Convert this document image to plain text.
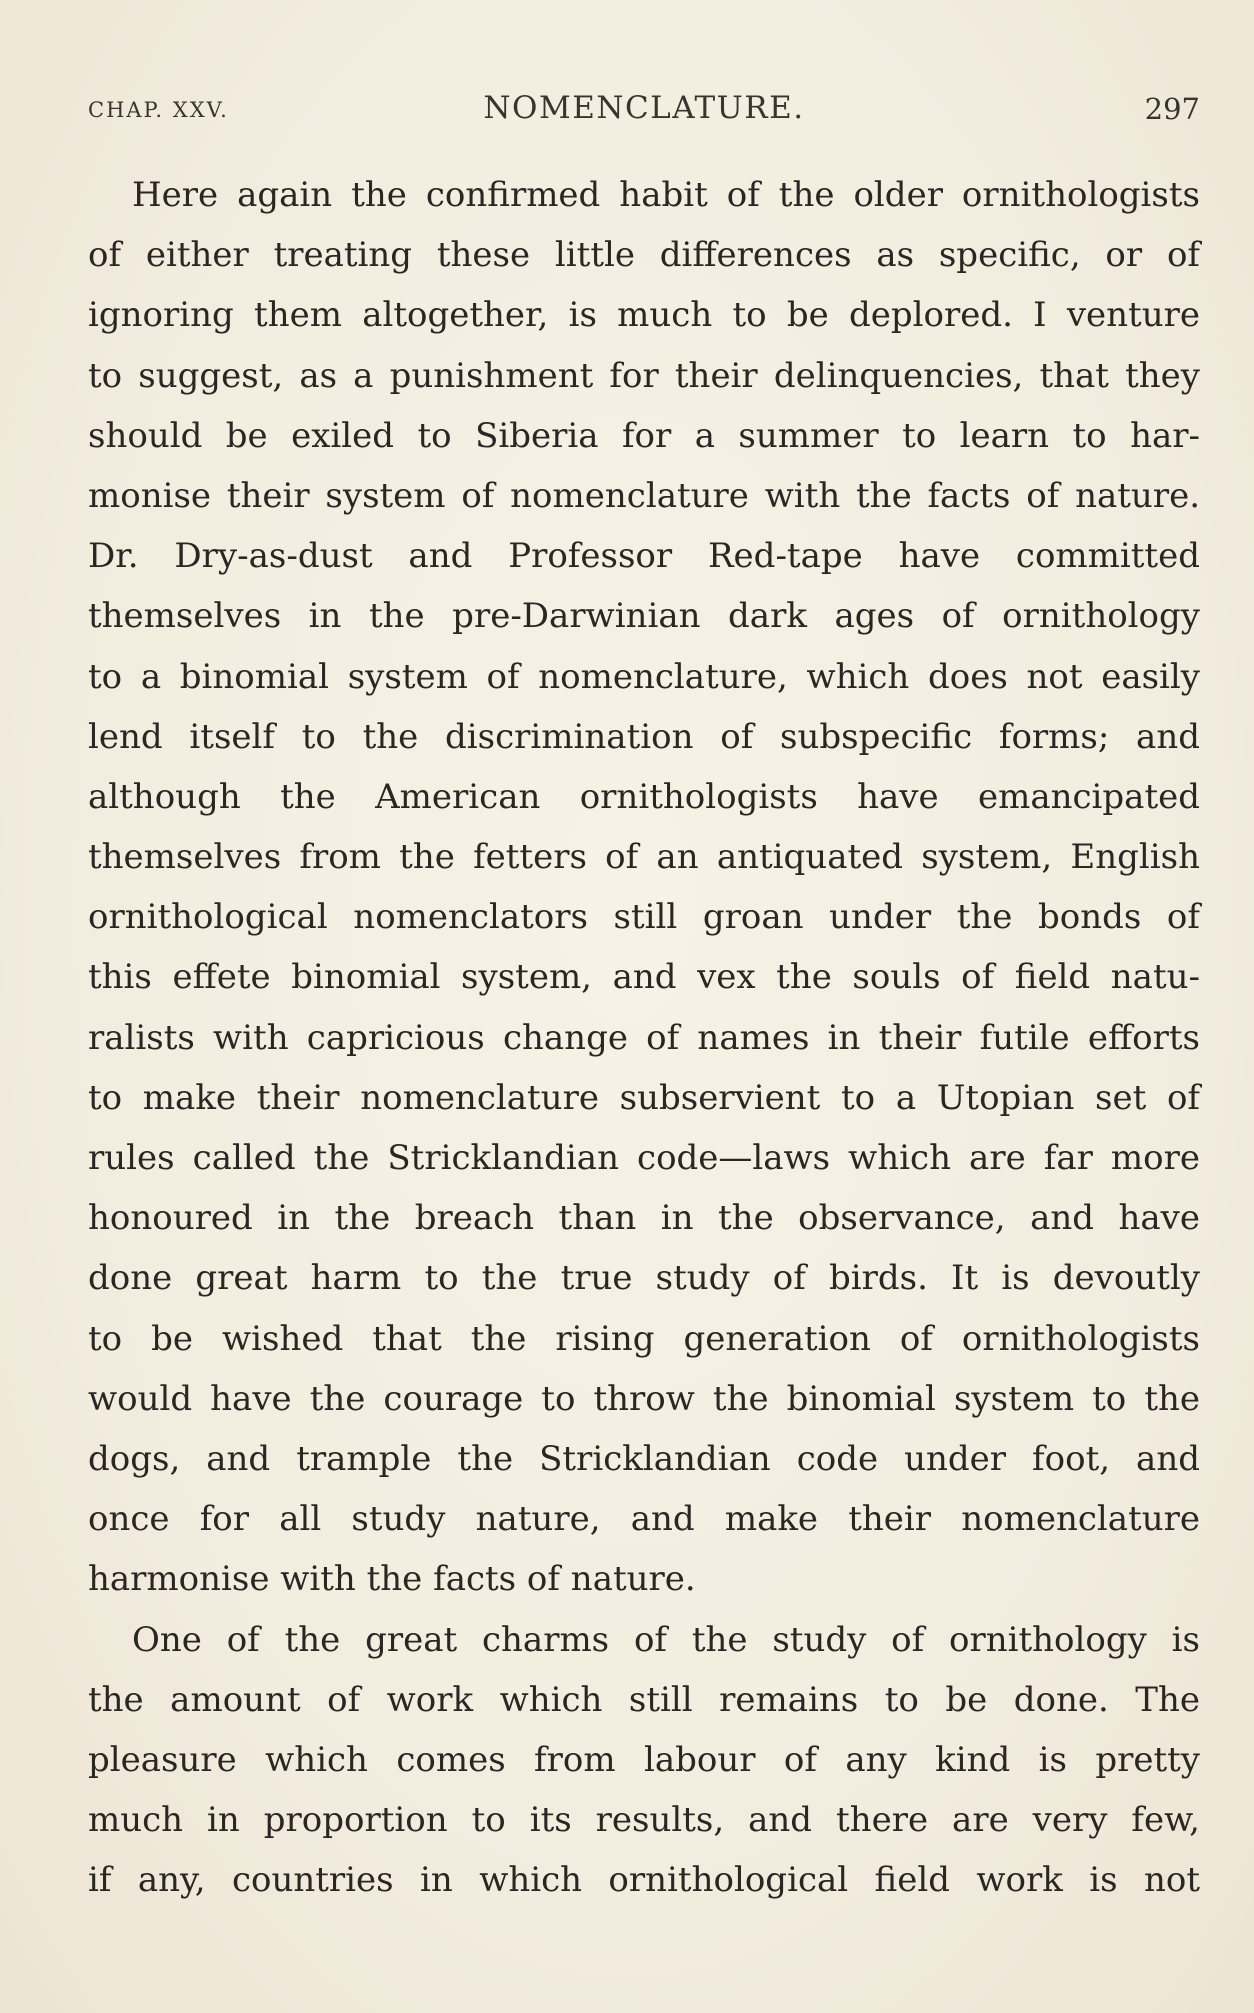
CHAP. XXV.	NOMENCLATURE.	297
Here again the confirmed habit of the older ornithologists
of either treating these little differences as specific, or of
ignoring them altogether, is much to be deplored. I venture
to suggest, as a punishment for their delinquencies, that they
should be exiled to Siberia for a summer to learn to har-
monise their system of nomenclature with the facts of nature.
Dr. Dry-as-dust and Professor Red-tape have committed
themselves in the pre-Darwinian dark ages of ornithology
to a binomial system of nomenclature, which does not easily
lend itself to the discrimination of subspecific forms; and
although the American ornithologists have emancipated
themselves from the fetters of an antiquated system, English
ornithological nomenclators still groan under the bonds of
this effete binomial system, and vex the souls of field natu-
ralists with capricious change of names in their futile efforts
to make their nomenclature subservient to a Utopian set of
rules called the Stricklandian code—laws which are far more
honoured in the breach than in the observance, and have
done great harm to the true study of birds. It is devoutly
to be wished that the rising generation of ornithologists
would have the courage to throw the binomial system to the
dogs, and trample the Stricklandian code under foot, and
once for all study nature, and make their nomenclature
harmonise with the facts of nature.
One of the great charms of the study of ornithology is
the amount of work which still remains to be done. The
pleasure which comes from labour of any kind is pretty
much in proportion to its results, and there are very few,
if any, countries in which ornithological field work is not
